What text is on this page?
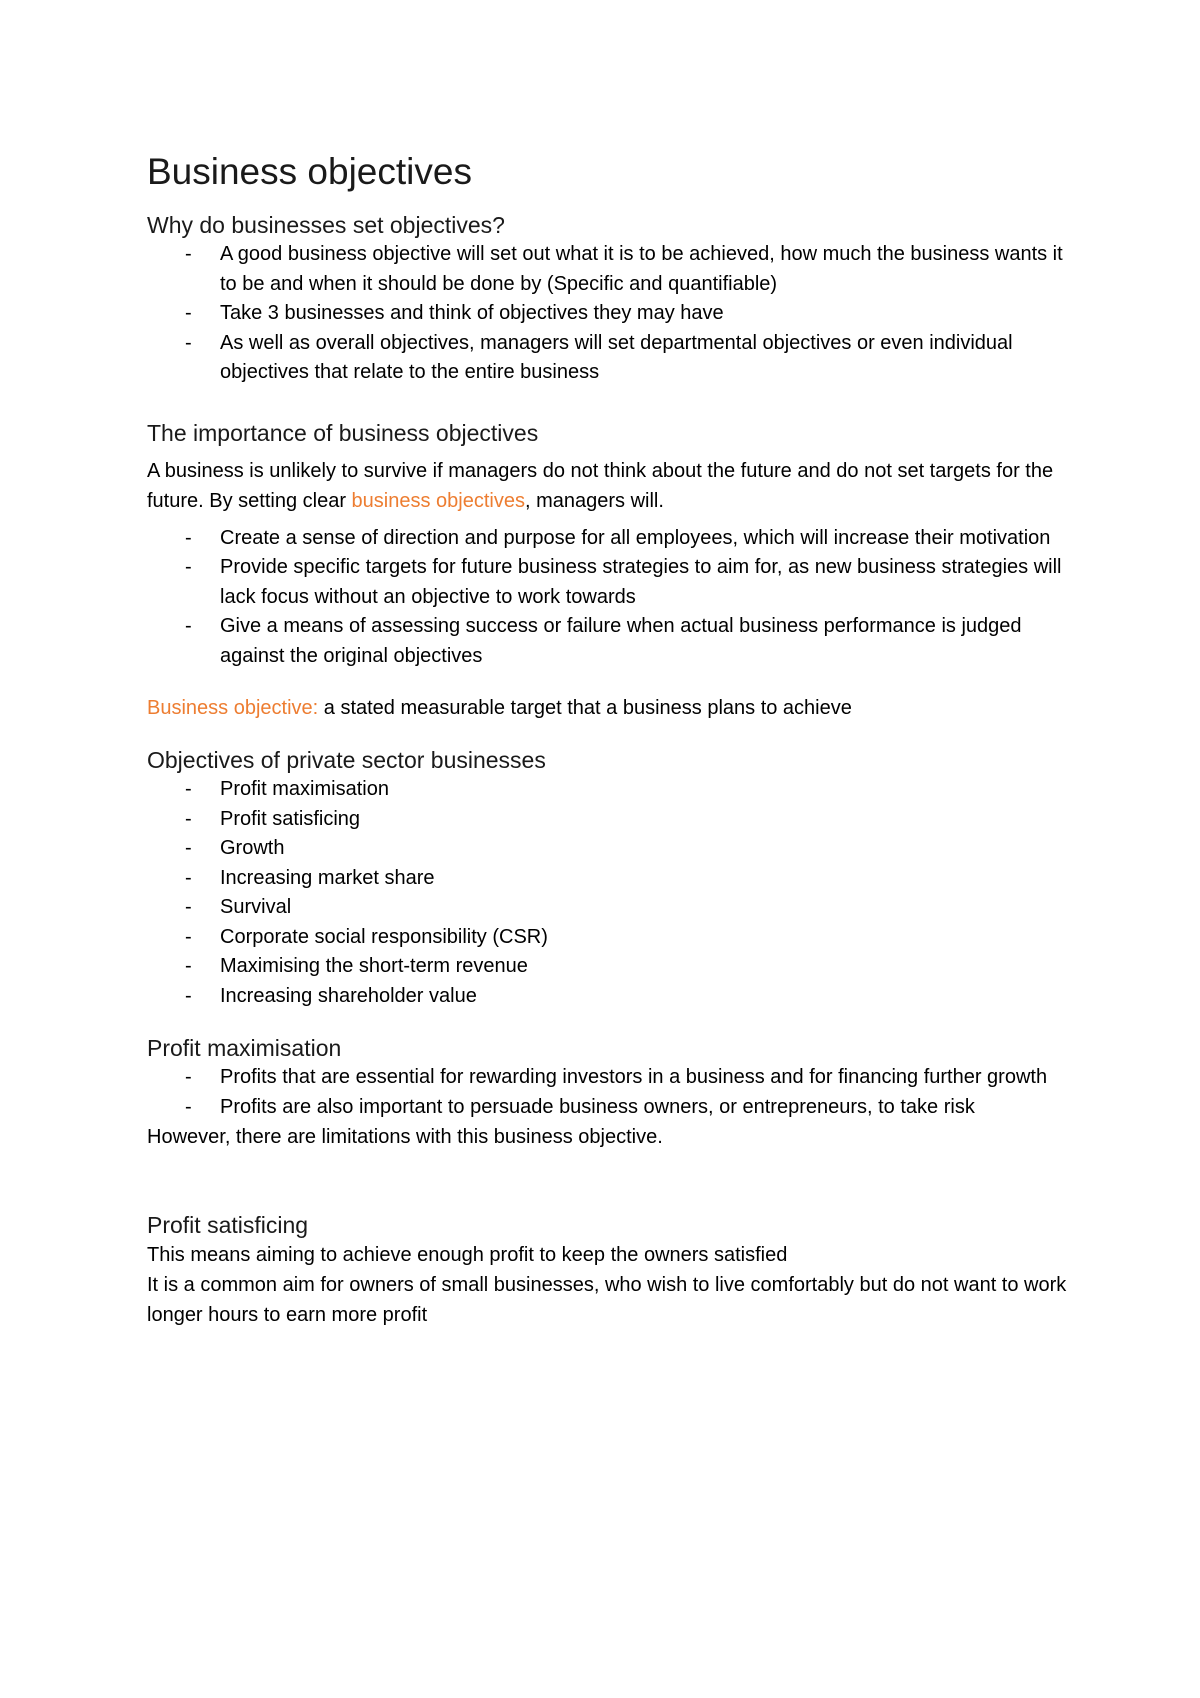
Business objectives
Why do businesses set objectives?
- A good business objective will set out what it is to be achieved, how much the business wants it to be and when it should be done by (Specific and quantifiable)
- Take 3 businesses and think of objectives they may have
- As well as overall objectives, managers will set departmental objectives or even individual objectives that relate to the entire business
The importance of business objectives

A business is unlikely to survive if managers do not think about the future and do not set targets for the future. By setting clear business objectives, managers will.

- Create a sense of direction and purpose for all employees, which will increase their motivation
- Provide specific targets for future business strategies to aim for, as new business strategies will lack focus without an objective to work towards
- Give a means of assessing success or failure when actual business performance is judged against the original objectives

Business objective: a stated measurable target that a business plans to achieve

Objectives of private sector businesses
- Profit maximisation
- Profit satisficing
- Growth
- Increasing market share
- Survival
- Corporate social responsibility (CSR)
- Maximising the short-term revenue
- Increasing shareholder value
Profit maximisation
- Profits that are essential for rewarding investors in a business and for financing further growth
- Profits are also important to persuade business owners, or entrepreneurs, to take risk

However, there are limitations with this business objective.

Profit satisficing

This means aiming to achieve enough profit to keep the owners satisfied

It is a common aim for owners of small businesses, who wish to live comfortably but do not want to work longer hours to earn more profit
